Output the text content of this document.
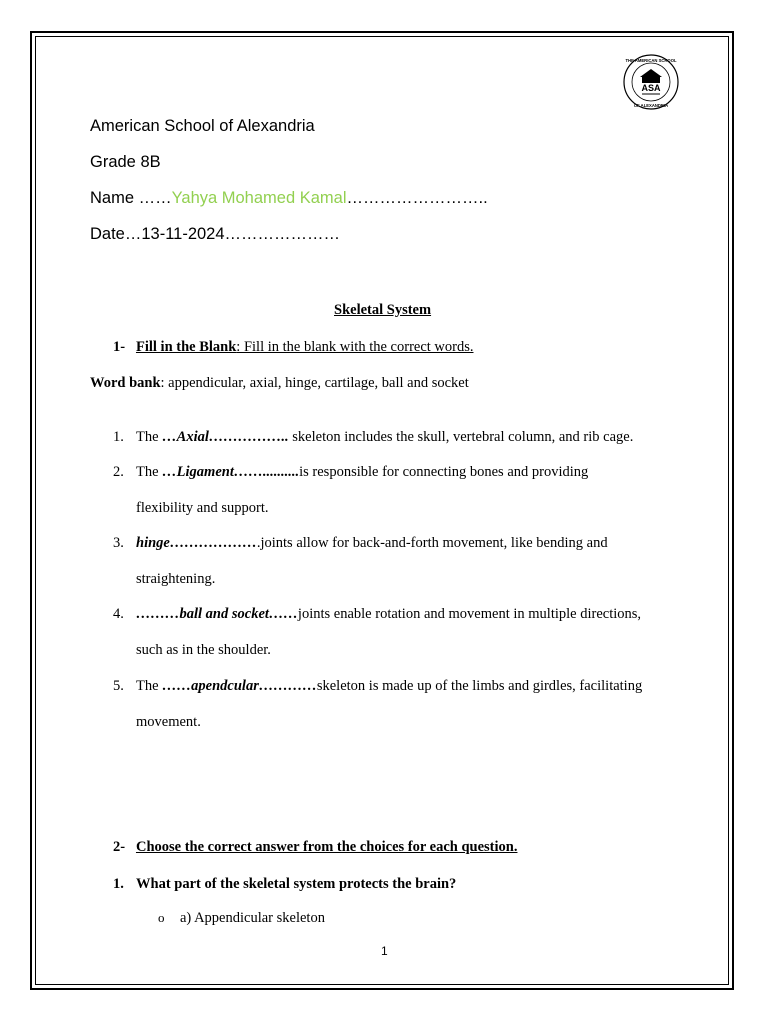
ASA
THE AMERICAN SCHOOL
OF ALEXANDRIA
American School of Alexandria
Grade 8B
Name ……Yahya Mohamed Kamal……………………..
Date…13-11-2024…………………
Skeletal System
1- Fill in the Blank: Fill in the blank with the correct words.
Word bank: appendicular, axial, hinge, cartilage, ball and socket
1. The …Axial…………….. skeleton includes the skull, vertebral column, and rib cage.
2. The …Ligament……..........is responsible for connecting bones and providing
flexibility and support.
3. hinge……………….joints allow for back-and-forth movement, like bending and
straightening.
4. ………ball and socket……joints enable rotation and movement in multiple directions,
such as in the shoulder.
5. The ……apendcular…………skeleton is made up of the limbs and girdles, facilitating
movement.
2- Choose the correct answer from the choices for each question.
1. What part of the skeletal system protects the brain?
o a) Appendicular skeleton
1
